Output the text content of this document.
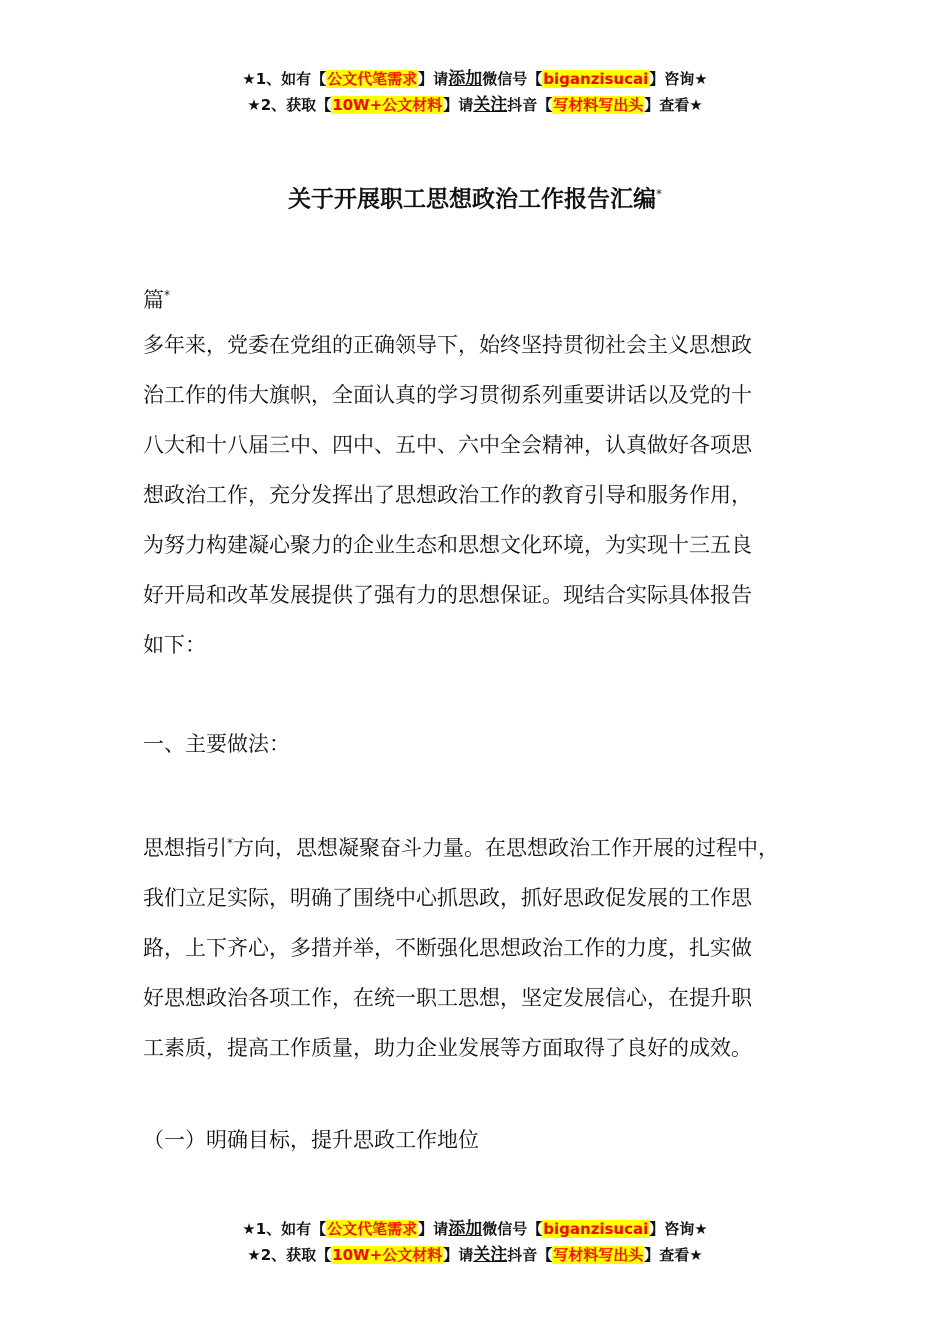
★1、如有【公文代笔需求】请添加微信号【biganzisucai】咨询★
★2、获取【10W+公文材料】请关注抖音【写材料写出头】查看★
关于开展职工思想政治工作报告汇编*
篇*
多年来，党委在党组的正确领导下，始终坚持贯彻社会主义思想政
治工作的伟大旗帜，全面认真的学习贯彻系列重要讲话以及党的十
八大和十八届三中、四中、五中、六中全会精神，认真做好各项思
想政治工作，充分发挥出了思想政治工作的教育引导和服务作用，
为努力构建凝心聚力的企业生态和思想文化环境，为实现十三五良
好开局和改革发展提供了强有力的思想保证。现结合实际具体报告
如下：
一、主要做法：
思想指引*方向，思想凝聚奋斗力量。在思想政治工作开展的过程中，
我们立足实际，明确了围绕中心抓思政，抓好思政促发展的工作思
路，上下齐心，多措并举，不断强化思想政治工作的力度，扎实做
好思想政治各项工作，在统一职工思想，坚定发展信心，在提升职
工素质，提高工作质量，助力企业发展等方面取得了良好的成效。
（一）明确目标，提升思政工作地位
★1、如有【公文代笔需求】请添加微信号【biganzisucai】咨询★
★2、获取【10W+公文材料】请关注抖音【写材料写出头】查看★
